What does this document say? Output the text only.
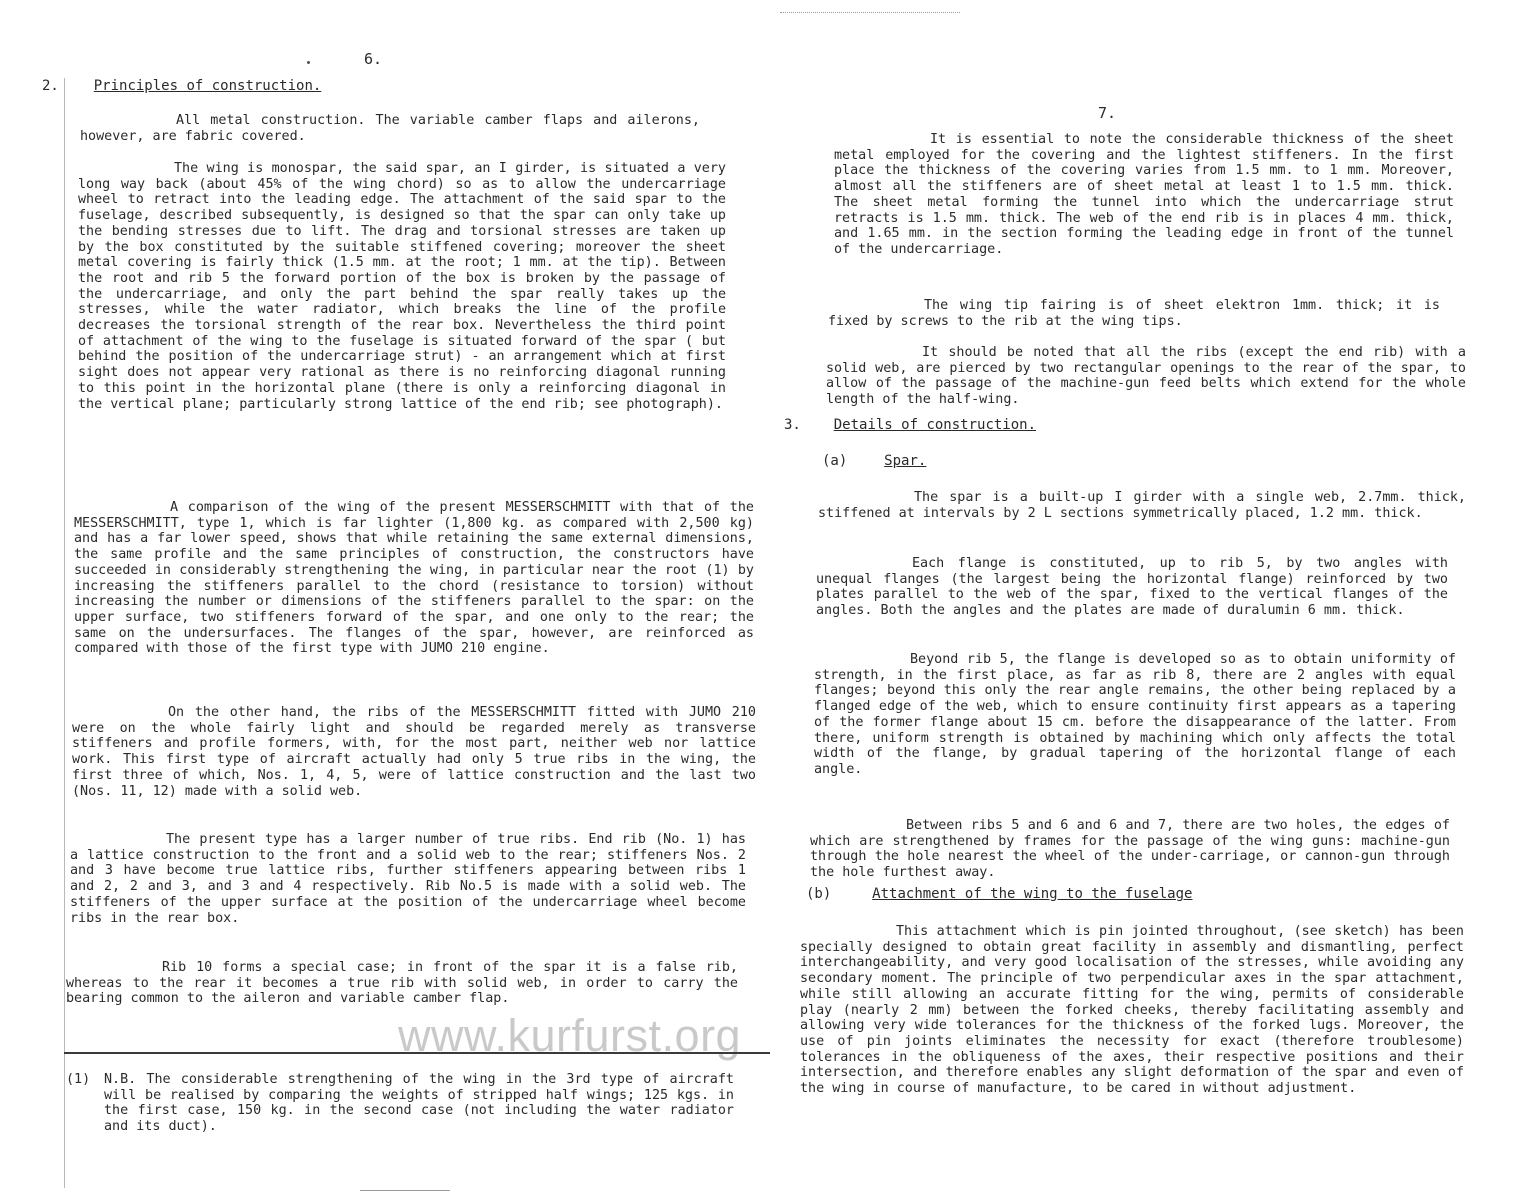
6.
2. Principles of construction.

All metal construction. The variable camber flaps and ailerons, however, are fabric covered.

The wing is monospar, the said spar, an I girder, is situated a very long way back (about 45% of the wing chord) so as to allow the undercarriage wheel to retract into the leading edge. The attachment of the said spar to the fuselage, described subsequently, is designed so that the spar can only take up the bending stresses due to lift. The drag and torsional stresses are taken up by the box constituted by the suitable stiffened covering; moreover the sheet metal covering is fairly thick (1.5 mm. at the root; 1 mm. at the tip). Between the root and rib 5 the forward portion of the box is broken by the passage of the undercarriage, and only the part behind the spar really takes up the stresses, while the water radiator, which breaks the line of the profile decreases the torsional strength of the rear box. Nevertheless the third point of attachment of the wing to the fuselage is situated forward of the spar ( but behind the position of the undercarriage strut) - an arrangement which at first sight does not appear very rational as there is no reinforcing diagonal running to this point in the horizontal plane (there is only a reinforcing diagonal in the vertical plane; particularly strong lattice of the end rib; see photograph).

A comparison of the wing of the present MESSERSCHMITT with that of the MESSERSCHMITT, type 1, which is far lighter (1,800 kg. as compared with 2,500 kg) and has a far lower speed, shows that while retaining the same external dimensions, the same profile and the same principles of construction, the constructors have succeeded in considerably strengthening the wing, in particular near the root (1) by increasing the stiffeners parallel to the chord (resistance to torsion) without increasing the number or dimensions of the stiffeners parallel to the spar: on the upper surface, two stiffeners forward of the spar, and one only to the rear; the same on the undersurfaces. The flanges of the spar, however, are reinforced as compared with those of the first type with JUMO 210 engine.

On the other hand, the ribs of the MESSERSCHMITT fitted with JUMO 210 were on the whole fairly light and should be regarded merely as transverse stiffeners and profile formers, with, for the most part, neither web nor lattice work. This first type of aircraft actually had only 5 true ribs in the wing, the first three of which, Nos. 1, 4, 5, were of lattice construction and the last two (Nos. 11, 12) made with a solid web.

The present type has a larger number of true ribs. End rib (No. 1) has a lattice construction to the front and a solid web to the rear; stiffeners Nos. 2 and 3 have become true lattice ribs, further stiffeners appearing between ribs 1 and 2, 2 and 3, and 3 and 4 respectively. Rib No.5 is made with a solid web. The stiffeners of the upper surface at the position of the undercarriage wheel become ribs in the rear box.

Rib 10 forms a special case; in front of the spar it is a false rib, whereas to the rear it becomes a true rib with solid web, in order to carry the bearing common to the aileron and variable camber flap.

www.kurfurst.org
(1)	N.B. The considerable strengthening of the wing in the 3rd type of aircraft will be realised by comparing the weights of stripped half wings; 125 kgs. in the first case, 150 kg. in the second case (not including the water radiator and its duct).

7.

It is essential to note the considerable thickness of the sheet metal employed for the covering and the lightest stiffeners. In the first place the thickness of the covering varies from 1.5 mm. to 1 mm. Moreover, almost all the stiffeners are of sheet metal at least 1 to 1.5 mm. thick. The sheet metal forming the tunnel into which the undercarriage strut retracts is 1.5 mm. thick. The web of the end rib is in places 4 mm. thick, and 1.65 mm. in the section forming the leading edge in front of the tunnel of the undercarriage.

The wing tip fairing is of sheet elektron 1mm. thick; it is fixed by screws to the rib at the wing tips.

It should be noted that all the ribs (except the end rib) with a solid web, are pierced by two rectangular openings to the rear of the spar, to allow of the passage of the machine-gun feed belts which extend for the whole length of the half-wing.

3. Details of construction.
(a)	Spar.

The spar is a built-up I girder with a single web, 2.7mm. thick, stiffened at intervals by 2 L sections symmetrically placed, 1.2 mm. thick.

Each flange is constituted, up to rib 5, by two angles with unequal flanges (the largest being the horizontal flange) reinforced by two plates parallel to the web of the spar, fixed to the vertical flanges of the angles. Both the angles and the plates are made of duralumin 6 mm. thick.

Beyond rib 5, the flange is developed so as to obtain uniformity of strength, in the first place, as far as rib 8, there are 2 angles with equal flanges; beyond this only the rear angle remains, the other being replaced by a flanged edge of the web, which to ensure continuity first appears as a tapering of the former flange about 15 cm. before the disappearance of the latter. From there, uniform strength is obtained by machining which only affects the total width of the flange, by gradual tapering of the horizontal flange of each angle.

Between ribs 5 and 6 and 6 and 7, there are two holes, the edges of which are strengthened by frames for the passage of the wing guns: machine-gun through the hole nearest the wheel of the under-carriage, or cannon-gun through the hole furthest away.

(b)	Attachment of the wing to the fuselage

This attachment which is pin jointed throughout, (see sketch) has been specially designed to obtain great facility in assembly and dismantling, perfect interchangeability, and very good localisation of the stresses, while avoiding any secondary moment. The principle of two perpendicular axes in the spar attachment, while still allowing an accurate fitting for the wing, permits of considerable play (nearly 2 mm) between the forked cheeks, thereby facilitating assembly and allowing very wide tolerances for the thickness of the forked lugs. Moreover, the use of pin joints eliminates the necessity for exact (therefore troublesome) tolerances in the obliqueness of the axes, their respective positions and their intersection, and therefore enables any slight deformation of the spar and even of the wing in course of manufacture, to be cared in without adjustment.
